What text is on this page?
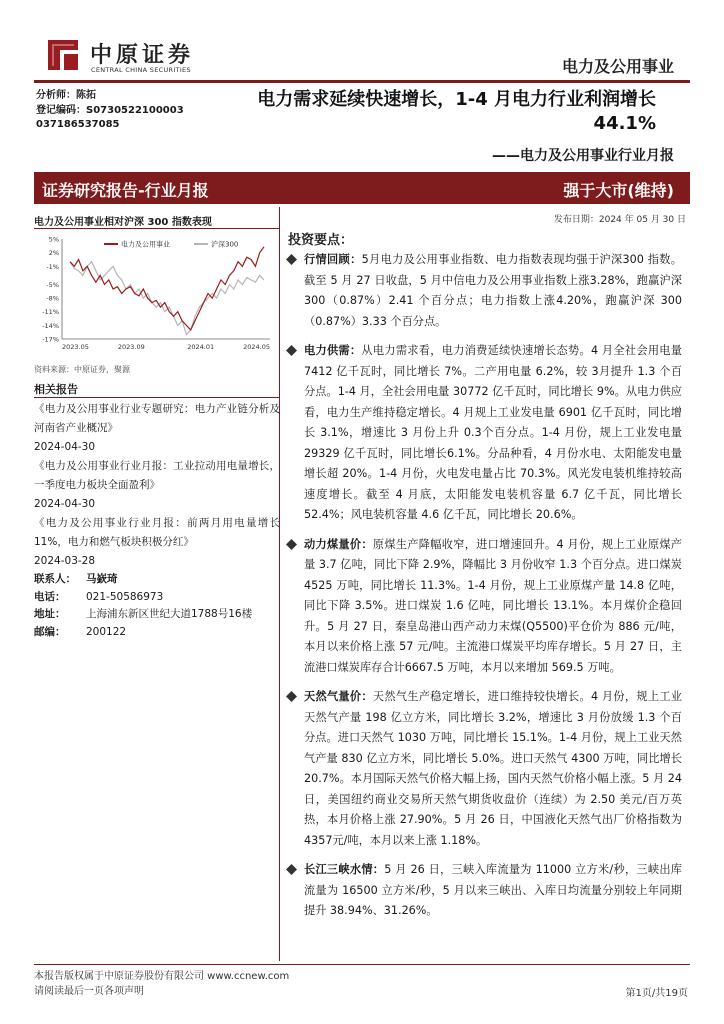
中原证券
CENTRAL CHINA SECURITIES	电力及公用事业
分析师：陈拓
登记编码：S0730522100003
037186537085
电力需求延续快速增长，1-4 月电力行业利润增长 44.1%
——电力及公用事业行业月报
证券研究报告-行业月报	强于大市(维持)
发布日期：2024 年 05 月 30 日
电力及公用事业相对沪深 300 指数表现
5%
2%
-1%
-5%
-8%
-11%
-14%
-17%
2023.05	2023.09	2024.01	2024.05
电力及公用事业	沪深300
资料来源：中原证券，聚源
相关报告
《电力及公用事业行业专题研究：电力产业链分析及河南省产业概况》
2024-04-30
《电力及公用事业行业月报：工业拉动用电量增长，一季度电力板块全面盈利》
2024-04-30
《电力及公用事业行业月报：前两月用电量增长 11%，电力和燃气板块积极分红》
2024-03-28
联系人： 马嶔琦
电话：	021-50586973
地址：	上海浦东新区世纪大道1788号16楼
邮编：	200122
投资要点：
行情回顾：5月电力及公用事业指数、电力指数表现均强于沪深300 指数。截至 5 月 27 日收盘，5 月中信电力及公用事业指数上涨3.28%，跑赢沪深 300（0.87%）2.41 个百分点；电力指数上涨4.20%，跑赢沪深 300（0.87%）3.33 个百分点。
电力供需：从电力需求看，电力消费延续快速增长态势。4 月全社会用电量 7412 亿千瓦时，同比增长 7%。二产用电量 6.2%，较 3月提升 1.3 个百分点。1-4 月，全社会用电量 30772 亿千瓦时，同比增长 9%。从电力供应看，电力生产维持稳定增长。4 月规上工业发电量 6901 亿千瓦时，同比增长 3.1%，增速比 3 月份上升 0.3个百分点。1-4 月份，规上工业发电量 29329 亿千瓦时，同比增长6.1%。分品种看，4 月份水电、太阳能发电量增长超 20%。1-4 月份，火电发电量占比 70.3%。风光发电装机维持较高速度增长。截至 4 月底，太阳能发电装机容量 6.7 亿千瓦，同比增长 52.4%；风电装机容量 4.6 亿千瓦，同比增长 20.6%。
动力煤量价：原煤生产降幅收窄，进口增速回升。4 月份，规上工业原煤产量 3.7 亿吨，同比下降 2.9%，降幅比 3 月份收窄 1.3 个百分点。进口煤炭 4525 万吨，同比增长 11.3%。1-4 月份，规上工业原煤产量 14.8 亿吨，同比下降 3.5%。进口煤炭 1.6 亿吨，同比增长 13.1%。本月煤价企稳回升。5 月 27 日，秦皇岛港山西产动力末煤(Q5500)平仓价为 886 元/吨，本月以来价格上涨 57 元/吨。主流港口煤炭平均库存增长。5 月 27 日，主流港口煤炭库存合计6667.5 万吨，本月以来增加 569.5 万吨。
天然气量价：天然气生产稳定增长，进口维持较快增长。4 月份，规上工业天然气产量 198 亿立方米，同比增长 3.2%，增速比 3 月份放缓 1.3 个百分点。进口天然气 1030 万吨，同比增长 15.1%。1-4 月份，规上工业天然气产量 830 亿立方米，同比增长 5.0%。进口天然气 4300 万吨，同比增长 20.7%。本月国际天然气价格大幅上扬，国内天然气价格小幅上涨。5 月 24 日，美国纽约商业交易所天然气期货收盘价（连续）为 2.50 美元/百万英热，本月价格上涨 27.90%。5 月 26 日，中国液化天然气出厂价格指数为 4357元/吨，本月以来上涨 1.18%。
长江三峡水情：5 月 26 日，三峡入库流量为 11000 立方米/秒，三峡出库流量为 16500 立方米/秒，5 月以来三峡出、入库日均流量分别较上年同期提升 38.94%、31.26%。
本报告版权属于中原证券股份有限公司 www.ccnew.com
请阅读最后一页各项声明	第1页/共19页
